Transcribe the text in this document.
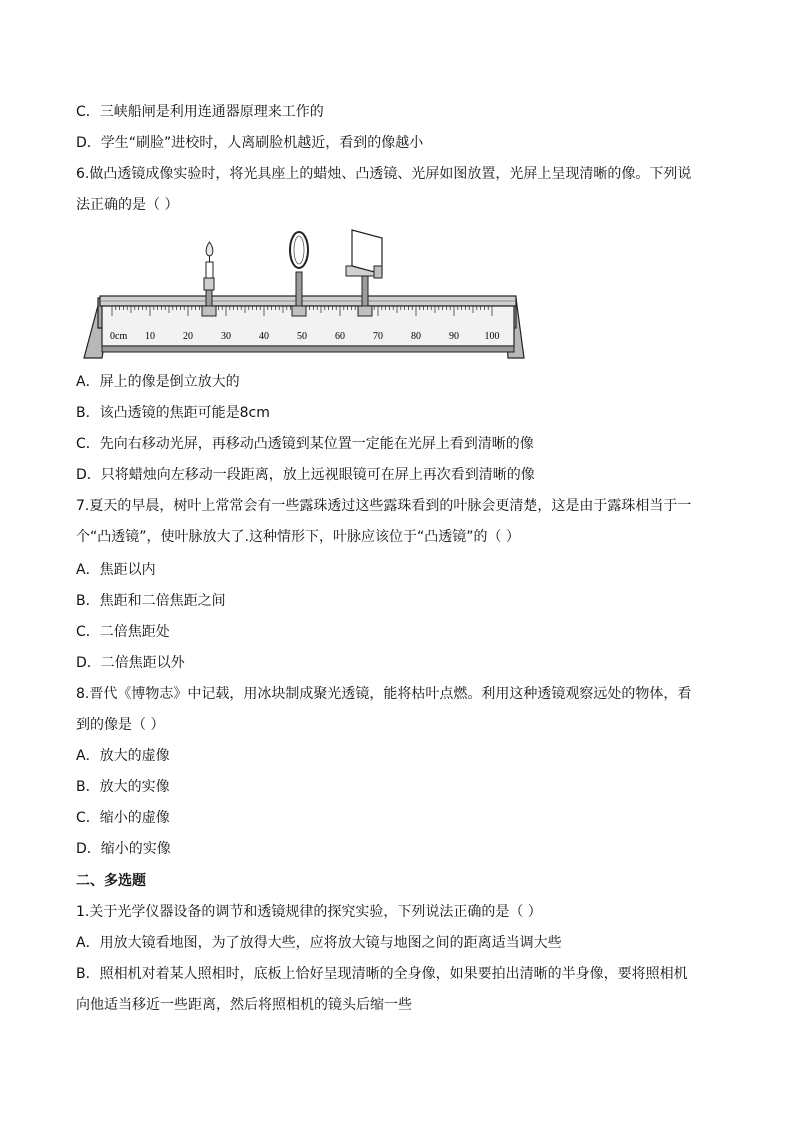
C．三峡船闸是利用连通器原理来工作的
D．学生“刷脸”进校时，人离刷脸机越近，看到的像越小
6.做凸透镜成像实验时，将光具座上的蜡烛、凸透镜、光屏如图放置，光屏上呈现清晰的像。下列说
法正确的是（ ）
0cm 10	20	30	40	50	60	70	80	90	100
A．屏上的像是倒立放大的
B．该凸透镜的焦距可能是8cm
C．先向右移动光屏，再移动凸透镜到某位置一定能在光屏上看到清晰的像
D．只将蜡烛向左移动一段距离，放上远视眼镜可在屏上再次看到清晰的像
7.夏天的早晨，树叶上常常会有一些露珠透过这些露珠看到的叶脉会更清楚，这是由于露珠相当于一
个“凸透镜”，使叶脉放大了.这种情形下，叶脉应该位于“凸透镜”的（ ）
A．焦距以内
B．焦距和二倍焦距之间
C．二倍焦距处
D．二倍焦距以外
8.晋代《博物志》中记载，用冰块制成聚光透镜，能将枯叶点燃。利用这种透镜观察远处的物体，看
到的像是（ ）
A．放大的虚像
B．放大的实像
C．缩小的虚像
D．缩小的实像
二、多选题
1.关于光学仪器设备的调节和透镜规律的探究实验，下列说法正确的是（ ）
A．用放大镜看地图，为了放得大些，应将放大镜与地图之间的距离适当调大些
B．照相机对着某人照相时，底板上恰好呈现清晰的全身像，如果要拍出清晰的半身像，要将照相机
向他适当移近一些距离，然后将照相机的镜头后缩一些
